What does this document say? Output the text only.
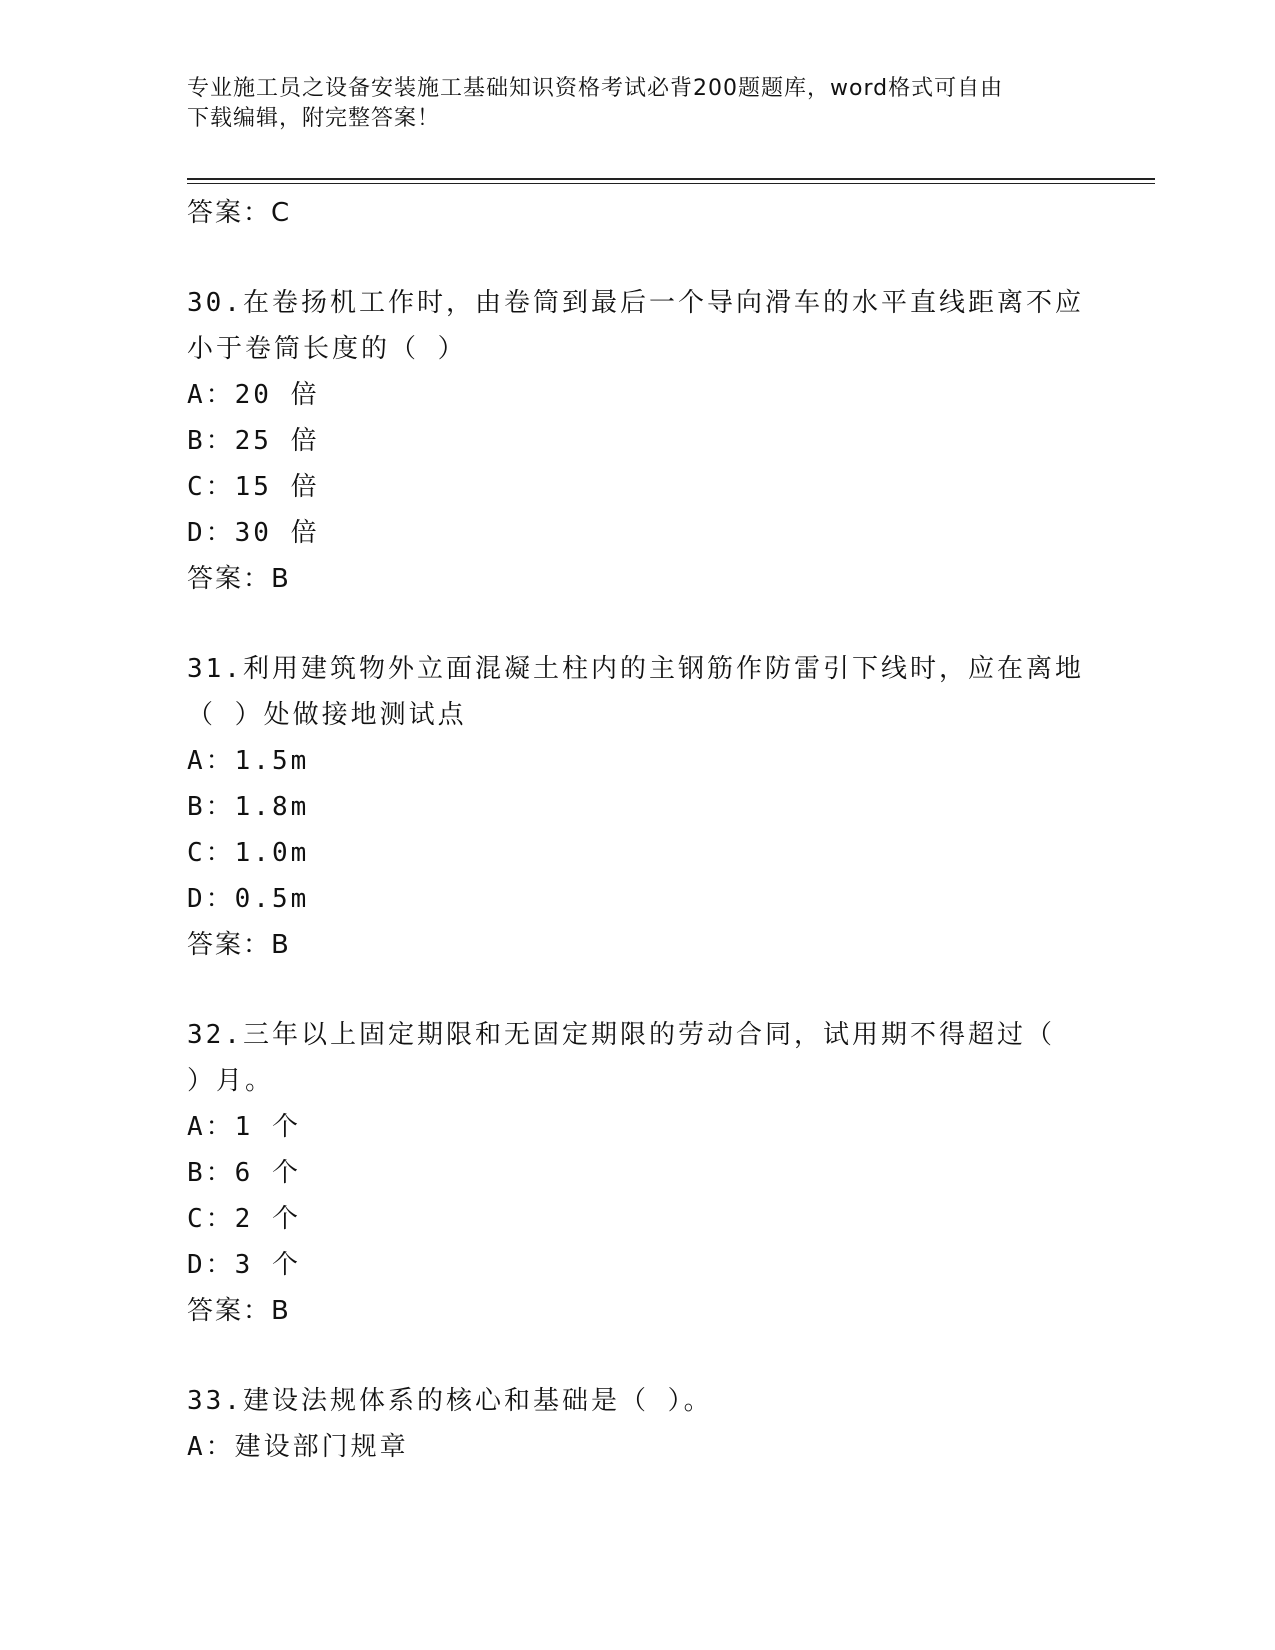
专业施工员之设备安装施工基础知识资格考试必背200题题库，word格式可自由
下载编辑，附完整答案！
答案：C
30.在卷扬机工作时，由卷筒到最后一个导向滑车的水平直线距离不应
小于卷筒长度的（ ）
A：20 倍
B：25 倍
C：15 倍
D：30 倍
答案：B
31.利用建筑物外立面混凝土柱内的主钢筋作防雷引下线时，应在离地
（ ）处做接地测试点
A：1.5m
B：1.8m
C：1.0m
D：0.5m
答案：B
32.三年以上固定期限和无固定期限的劳动合同，试用期不得超过（
）月。
A：1 个
B：6 个
C：2 个
D：3 个
答案：B
33.建设法规体系的核心和基础是（ ）。
A：建设部门规章
